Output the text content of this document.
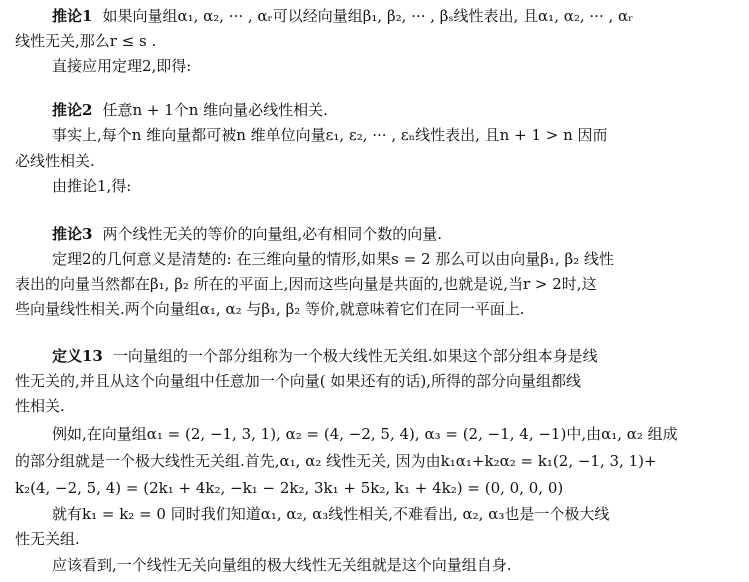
推论1 如果向量组α₁, α₂, ··· , αᵣ可以经向量组β₁, β₂, ··· , βₛ线性表出, 且α₁, α₂, ··· , αᵣ
线性无关,那么r ≤ s .
直接应用定理2,即得:
推论2 任意n + 1个n 维向量必线性相关.
事实上,每个n 维向量都可被n 维单位向量ε₁, ε₂, ··· , εₙ线性表出, 且n + 1 > n 因而
必线性相关.
由推论1,得:
推论3 两个线性无关的等价的向量组,必有相同个数的向量.
定理2的几何意义是清楚的: 在三维向量的情形,如果s = 2 那么可以由向量β₁, β₂ 线性
表出的向量当然都在β₁, β₂ 所在的平面上,因而这些向量是共面的,也就是说,当r > 2时,这
些向量线性相关.两个向量组α₁, α₂ 与β₁, β₂ 等价,就意味着它们在同一平面上.
定义13 一向量组的一个部分组称为一个极大线性无关组.如果这个部分组本身是线
性无关的,并且从这个向量组中任意加一个向量( 如果还有的话),所得的部分向量组都线
性相关.
例如,在向量组α₁ = (2, −1, 3, 1), α₂ = (4, −2, 5, 4), α₃ = (2, −1, 4, −1)中,由α₁, α₂ 组成
的部分组就是一个极大线性无关组.首先,α₁, α₂ 线性无关, 因为由k₁α₁+k₂α₂ = k₁(2, −1, 3, 1)+
k₂(4, −2, 5, 4) = (2k₁ + 4k₂, −k₁ − 2k₂, 3k₁ + 5k₂, k₁ + 4k₂) = (0, 0, 0, 0)
就有k₁ = k₂ = 0 同时我们知道α₁, α₂, α₃线性相关,不难看出, α₂, α₃也是一个极大线
性无关组.
应该看到,一个线性无关向量组的极大线性无关组就是这个向量组自身.
